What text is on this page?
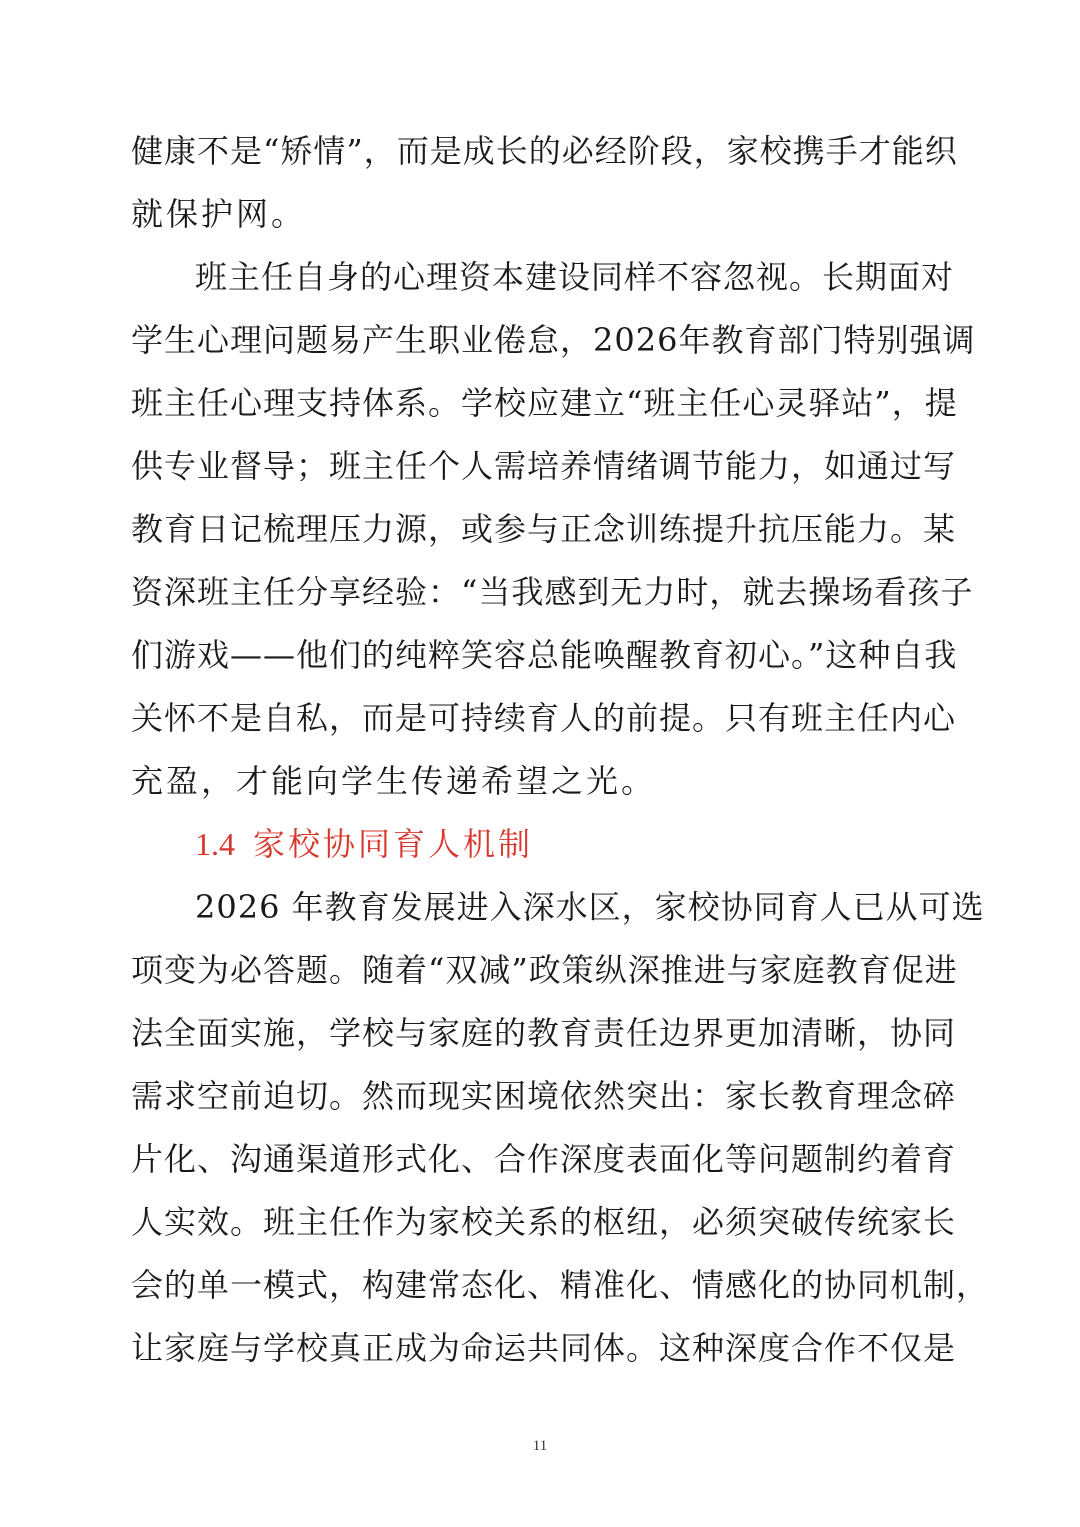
健康不是“矫情”，而是成长的必经阶段，家校携手才能织
就保护网。
班主任自身的心理资本建设同样不容忽视。长期面对
学生心理问题易产生职业倦怠，2026年教育部门特别强调
班主任心理支持体系。学校应建立“班主任心灵驿站”，提
供专业督导；班主任个人需培养情绪调节能力，如通过写
教育日记梳理压力源，或参与正念训练提升抗压能力。某
资深班主任分享经验：“当我感到无力时，就去操场看孩子
们游戏——他们的纯粹笑容总能唤醒教育初心。”这种自我
关怀不是自私，而是可持续育人的前提。只有班主任内心
充盈，才能向学生传递希望之光。
1.4 家校协同育人机制
2026 年教育发展进入深水区，家校协同育人已从可选
项变为必答题。随着“双减”政策纵深推进与家庭教育促进
法全面实施，学校与家庭的教育责任边界更加清晰，协同
需求空前迫切。然而现实困境依然突出：家长教育理念碎
片化、沟通渠道形式化、合作深度表面化等问题制约着育
人实效。班主任作为家校关系的枢纽，必须突破传统家长
会的单一模式，构建常态化、精准化、情感化的协同机制，
让家庭与学校真正成为命运共同体。这种深度合作不仅是
11
